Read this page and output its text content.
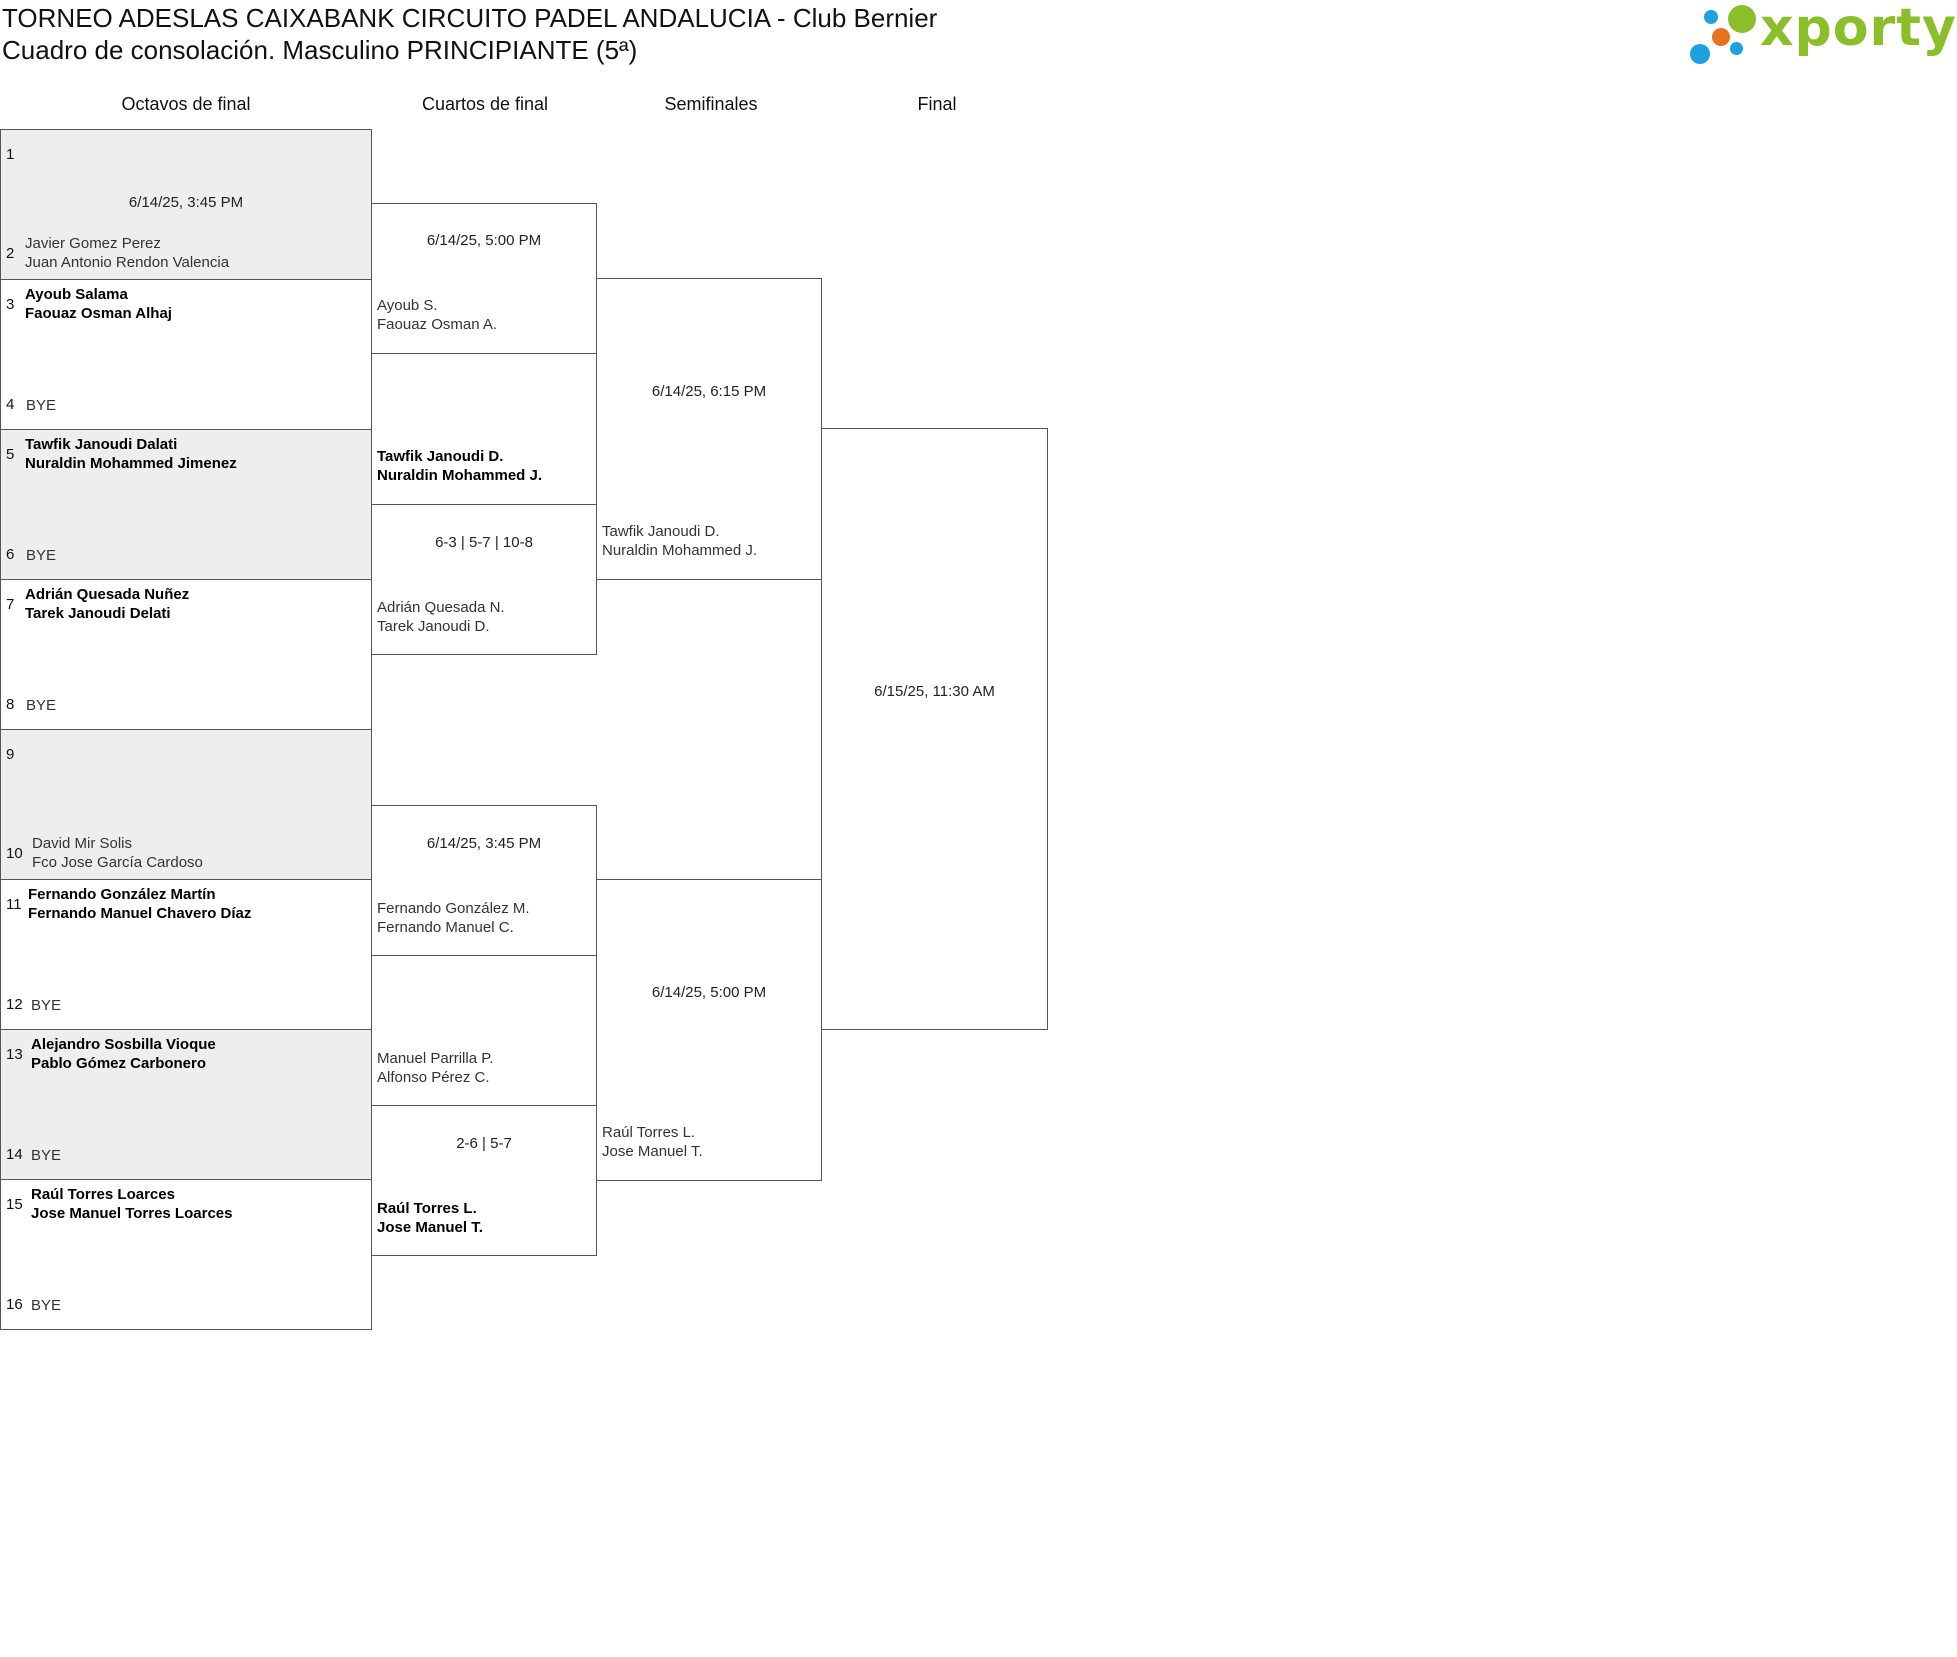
TORNEO ADESLAS CAIXABANK CIRCUITO PADEL ANDALUCIA - Club Bernier
Cuadro de consolación. Masculino PRINCIPIANTE (5ª)	xporty
Octavos de final	Cuartos de final	Semifinales	Final
1
6/14/25, 3:45 PM
2
Javier Gomez Perez
Juan Antonio Rendon Valencia
3
Ayoub Salama
Faouaz Osman Alhaj
4 BYE
5
Tawfik Janoudi Dalati
Nuraldin Mohammed Jimenez
6 BYE
7
Adrián Quesada Nuñez
Tarek Janoudi Delati
8 BYE
9
10
David Mir Solis
Fco Jose García Cardoso
11
Fernando González Martín
Fernando Manuel Chavero Díaz
12 BYE
13
Alejandro Sosbilla Vioque
Pablo Gómez Carbonero
14 BYE
15
Raúl Torres Loarces
Jose Manuel Torres Loarces
16 BYE
6/14/25, 5:00 PM
Ayoub S.
Faouaz Osman A.
Tawfik Janoudi D.
Nuraldin Mohammed J.
6-3 | 5-7 | 10-8
Adrián Quesada N.
Tarek Janoudi D.
6/14/25, 3:45 PM
Fernando González M.
Fernando Manuel C.
Manuel Parrilla P.
Alfonso Pérez C.
2-6 | 5-7
Raúl Torres L.
Jose Manuel T.
6/14/25, 6:15 PM
Tawfik Janoudi D.
Nuraldin Mohammed J.
6/14/25, 5:00 PM
Raúl Torres L.
Jose Manuel T.
6/15/25, 11:30 AM
